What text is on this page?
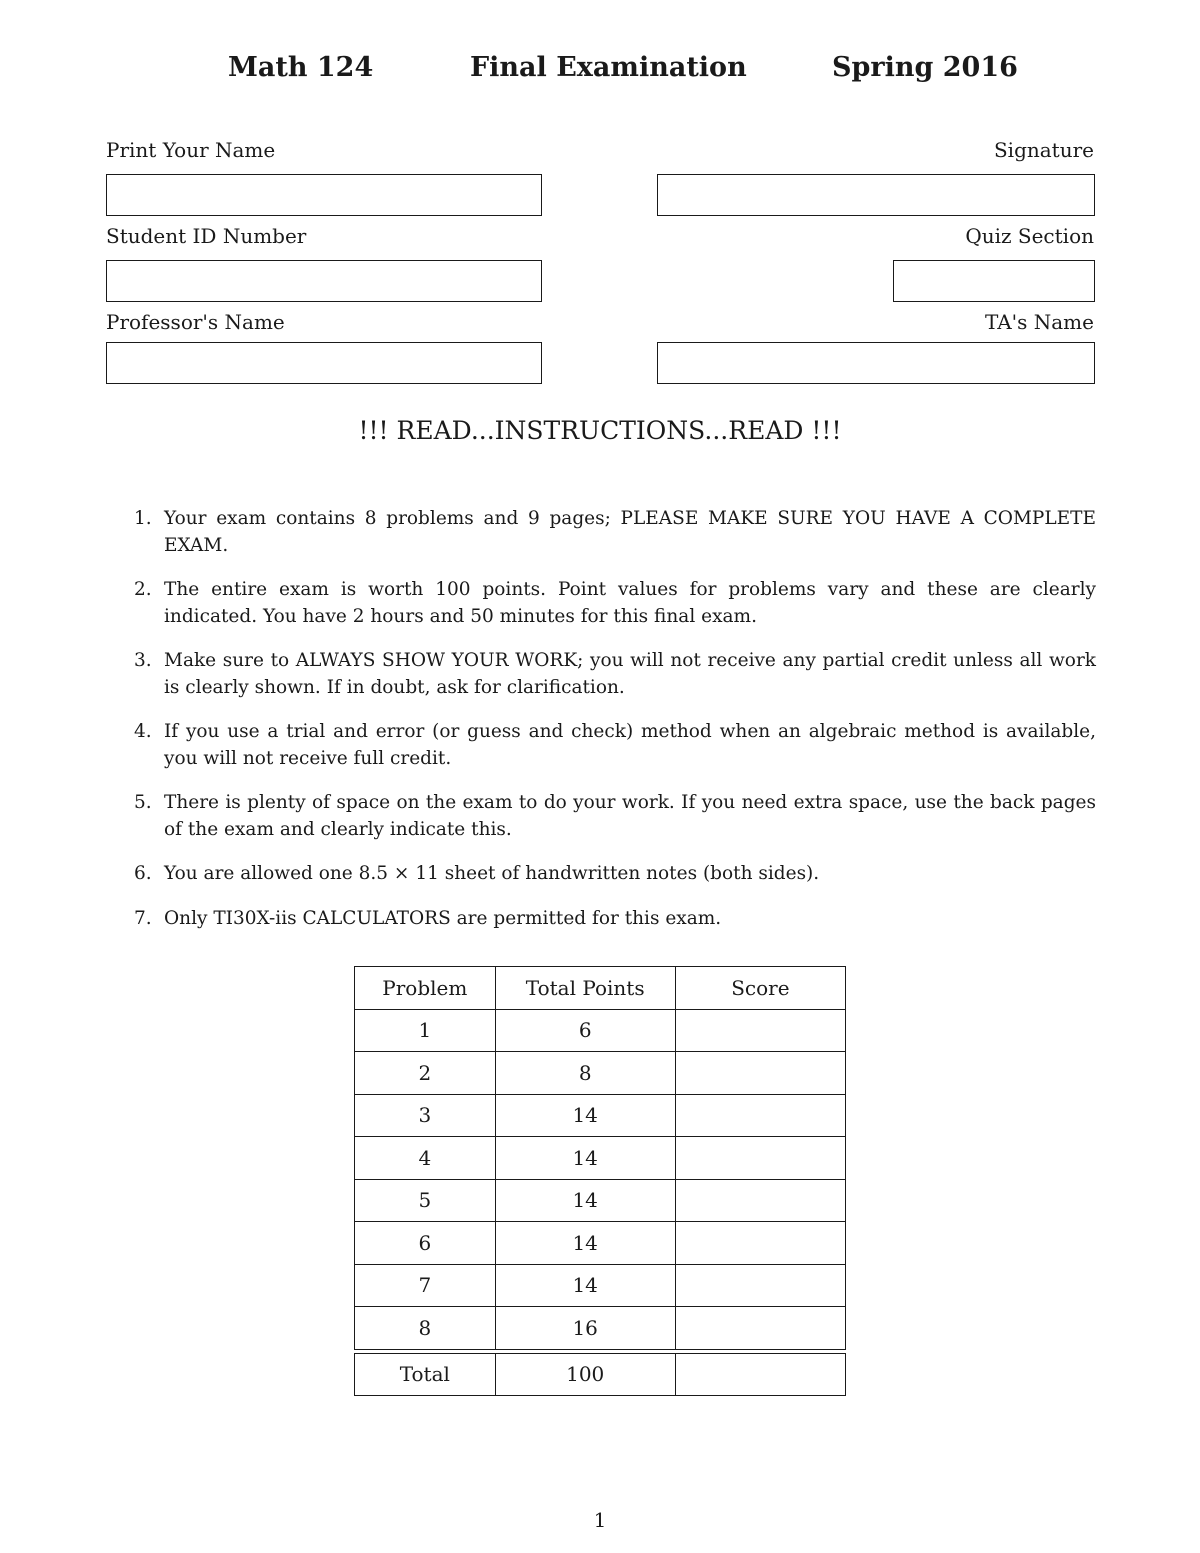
Math 124	Final Examination	Spring 2016
Print Your Name	Signature
Student ID Number	Quiz Section
Professor's Name	TA's Name
!!! READ...INSTRUCTIONS...READ !!!
1. Your exam contains 8 problems and 9 pages; PLEASE MAKE SURE YOU HAVE A COMPLETE EXAM.
2. The entire exam is worth 100 points. Point values for problems vary and these are clearly indicated. You have 2 hours and 50 minutes for this final exam.
3. Make sure to ALWAYS SHOW YOUR WORK; you will not receive any partial credit unless all work is clearly shown. If in doubt, ask for clarification.
4. If you use a trial and error (or guess and check) method when an algebraic method is available, you will not receive full credit.
5. There is plenty of space on the exam to do your work. If you need extra space, use the back pages of the exam and clearly indicate this.
6. You are allowed one 8.5 × 11 sheet of handwritten notes (both sides).
7. Only TI30X-iis CALCULATORS are permitted for this exam.
Problem	Total Points	Score
1	6	
2	8	
3	14	
4	14	
5	14	
6	14	
7	14	
8	16	

Total	100	
1
